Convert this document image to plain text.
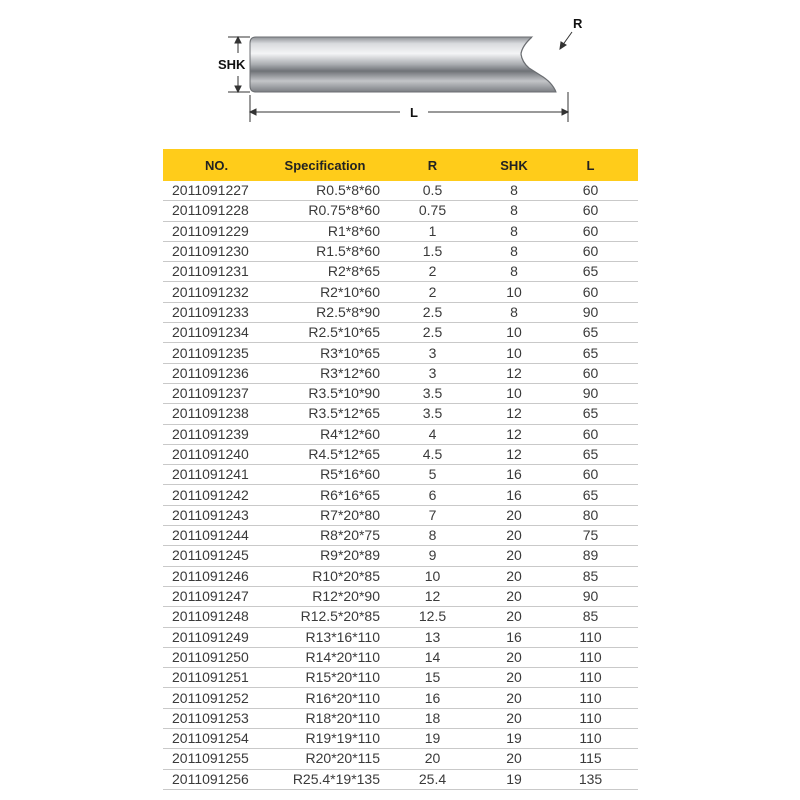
SHK
L
R
NO.	Specification	R	SHK	L
2011091227	R0.5*8*60	0.5	8	60
2011091228	R0.75*8*60	0.75	8	60
2011091229	R1*8*60	1	8	60
2011091230	R1.5*8*60	1.5	8	60
2011091231	R2*8*65	2	8	65
2011091232	R2*10*60	2	10	60
2011091233	R2.5*8*90	2.5	8	90
2011091234	R2.5*10*65	2.5	10	65
2011091235	R3*10*65	3	10	65
2011091236	R3*12*60	3	12	60
2011091237	R3.5*10*90	3.5	10	90
2011091238	R3.5*12*65	3.5	12	65
2011091239	R4*12*60	4	12	60
2011091240	R4.5*12*65	4.5	12	65
2011091241	R5*16*60	5	16	60
2011091242	R6*16*65	6	16	65
2011091243	R7*20*80	7	20	80
2011091244	R8*20*75	8	20	75
2011091245	R9*20*89	9	20	89
2011091246	R10*20*85	10	20	85
2011091247	R12*20*90	12	20	90
2011091248	R12.5*20*85	12.5	20	85
2011091249	R13*16*110	13	16	110
2011091250	R14*20*110	14	20	110
2011091251	R15*20*110	15	20	110
2011091252	R16*20*110	16	20	110
2011091253	R18*20*110	18	20	110
2011091254	R19*19*110	19	19	110
2011091255	R20*20*115	20	20	115
2011091256	R25.4*19*135	25.4	19	135
